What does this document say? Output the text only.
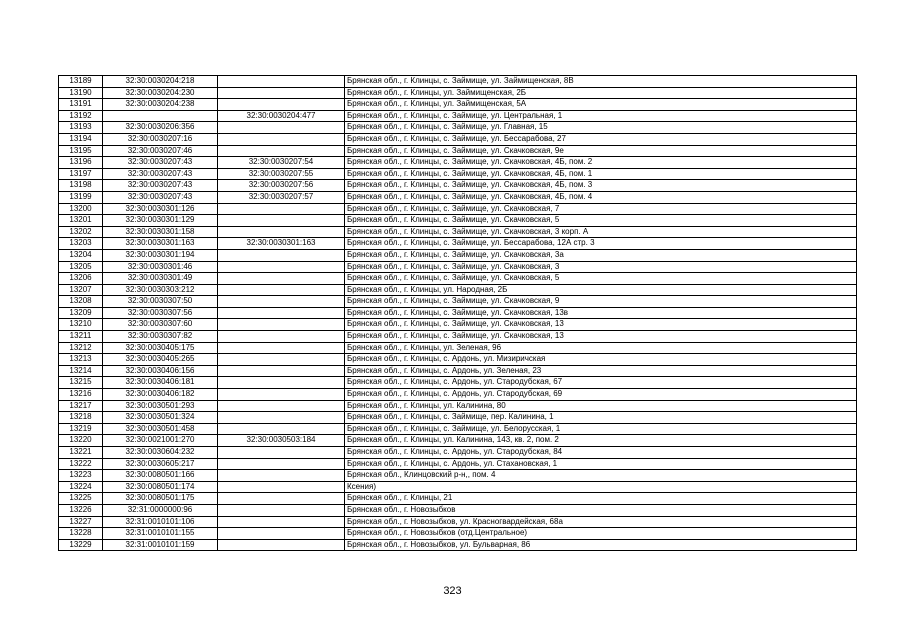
13189	32:30:0030204:218		Брянская обл., г. Клинцы, с. Займище, ул. Займищенская, 8В
13190	32:30:0030204:230		Брянская обл., г. Клинцы, ул. Займищенская, 2Б
13191	32:30:0030204:238		Брянская обл., г. Клинцы, ул. Займищенская, 5А
13192		32:30:0030204:477	Брянская обл., г. Клинцы, с. Займище, ул. Центральная, 1
13193	32:30:0030206:356		Брянская обл., г. Клинцы, с. Займище, ул. Главная, 15
13194	32:30:0030207:16		Брянская обл., г. Клинцы, с. Займище, ул. Бессарабова, 27
13195	32:30:0030207:46		Брянская обл., г. Клинцы, с. Займище, ул. Скачковская, 9е
13196	32:30:0030207:43	32:30:0030207:54	Брянская обл., г. Клинцы, с. Займище, ул. Скачковская, 4Б, пом. 2
13197	32:30:0030207:43	32:30:0030207:55	Брянская обл., г. Клинцы, с. Займище, ул. Скачковская, 4Б, пом. 1
13198	32:30:0030207:43	32:30:0030207:56	Брянская обл., г. Клинцы, с. Займище, ул. Скачковская, 4Б, пом. 3
13199	32:30:0030207:43	32:30:0030207:57	Брянская обл., г. Клинцы, с. Займище, ул. Скачковская, 4Б, пом. 4
13200	32:30:0030301:126		Брянская обл., г. Клинцы, с. Займище, ул. Скачковская, 7
13201	32:30:0030301:129		Брянская обл., г. Клинцы, с. Займище, ул. Скачковская, 5
13202	32:30:0030301:158		Брянская обл., г. Клинцы, с. Займище, ул. Скачковская, 3 корп. А
13203	32:30:0030301:163	32:30:0030301:163	Брянская обл., г. Клинцы, с. Займище, ул. Бессарабова, 12А стр. 3
13204	32:30:0030301:194		Брянская обл., г. Клинцы, с. Займище, ул. Скачковская, 3а
13205	32:30:0030301:46		Брянская обл., г. Клинцы, с. Займище, ул. Скачковская, 3
13206	32:30:0030301:49		Брянская обл., г. Клинцы, с. Займище, ул. Скачковская, 5
13207	32:30:0030303:212		Брянская обл., г. Клинцы, ул. Народная, 2Б
13208	32:30:0030307:50		Брянская обл., г. Клинцы, с. Займище, ул. Скачковская, 9
13209	32:30:0030307:56		Брянская обл., г. Клинцы, с. Займище, ул. Скачковская, 13в
13210	32:30:0030307:60		Брянская обл., г. Клинцы, с. Займище, ул. Скачковская, 13
13211	32:30:0030307:82		Брянская обл., г. Клинцы, с. Займище, ул. Скачковская, 13
13212	32:30:0030405:175		Брянская обл., г. Клинцы, ул. Зеленая, 96
13213	32:30:0030405:265		Брянская обл., г. Клинцы, с. Ардонь, ул. Мизиричская
13214	32:30:0030406:156		Брянская обл., г. Клинцы, с. Ардонь, ул. Зеленая, 23
13215	32:30:0030406:181		Брянская обл., г. Клинцы, с. Ардонь, ул. Стародубская, 67
13216	32:30:0030406:182		Брянская обл., г. Клинцы, с. Ардонь, ул. Стародубская, 69
13217	32:30:0030501:293		Брянская обл., г. Клинцы, ул. Калинина, 80
13218	32:30:0030501:324		Брянская обл., г. Клинцы, с. Займище, пер. Калинина, 1
13219	32:30:0030501:458		Брянская обл., г. Клинцы, с. Займище, ул. Белорусская, 1
13220	32:30:0021001:270	32:30:0030503:184	Брянская обл., г. Клинцы, ул. Калинина, 143, кв. 2, пом. 2
13221	32:30:0030604:232		Брянская обл., г. Клинцы, с. Ардонь, ул. Стародубская, 84
13222	32:30:0030605:217		Брянская обл., г. Клинцы, с. Ардонь, ул. Стахановская, 1
13223	32:30:0080501:166		Брянская обл., Клинцовский р-н,, пом. 4
13224	32:30:0080501:174		Ксения)
13225	32:30:0080501:175		Брянская обл., г. Клинцы, 21
13226	32:31:0000000:96		Брянская обл., г. Новозыбков
13227	32:31:0010101:106		Брянская обл., г. Новозыбков, ул. Красногвардейская, 68а
13228	32:31:0010101:155		Брянская обл., г. Новозыбков (отд.Центральное)
13229	32:31:0010101:159		Брянская обл., г. Новозыбков, ул. Бульварная, 86
323
